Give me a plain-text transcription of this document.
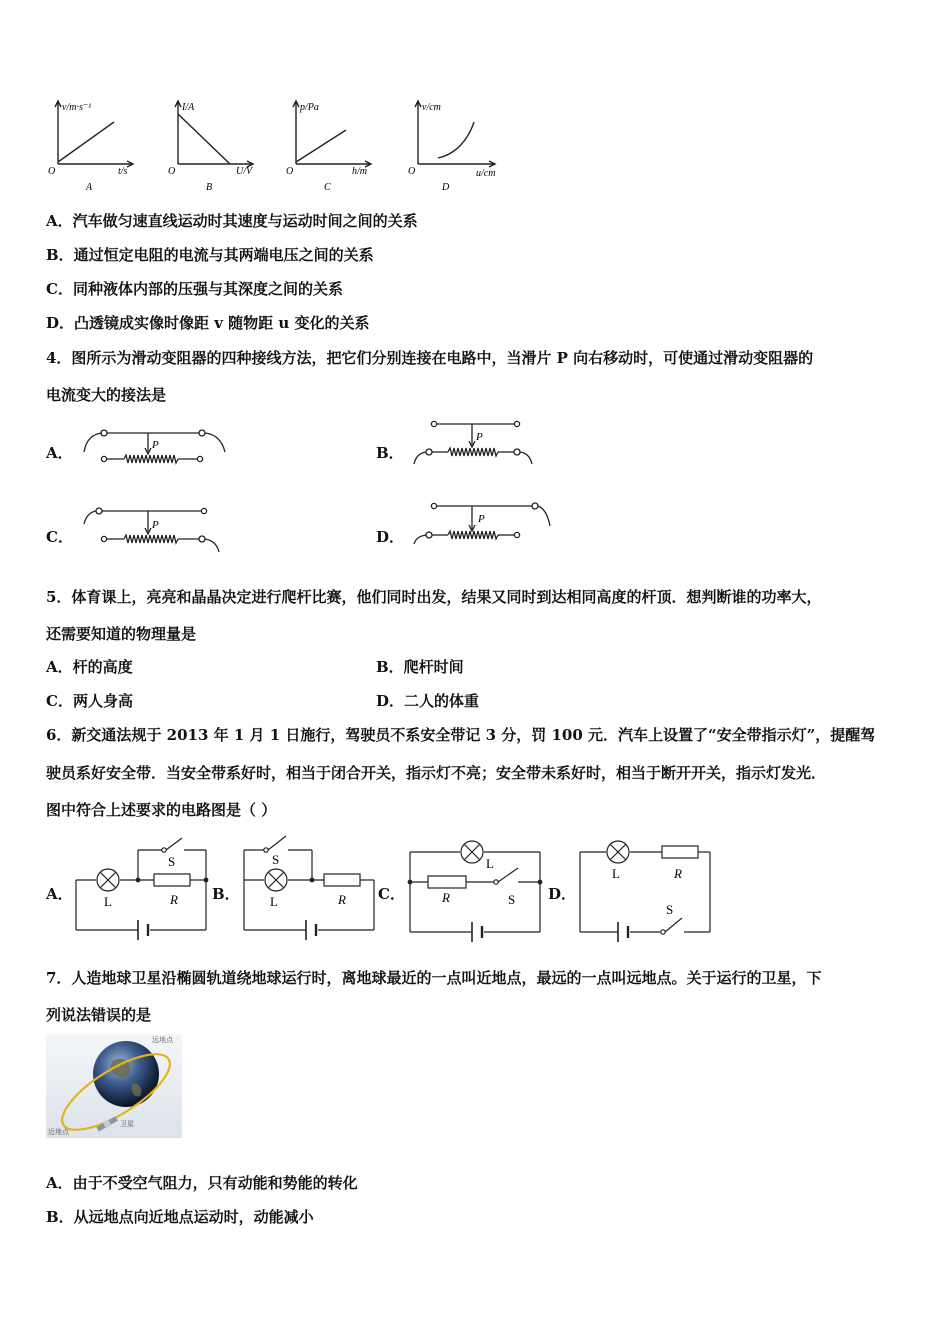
v/m·s⁻¹
t/s
O
A
I/A
U/V
O
B
p/Pa
h/m
O
C
v/cm
u/cm
O
D
A．汽车做匀速直线运动时其速度与运动时间之间的关系
B．通过恒定电阻的电流与其两端电压之间的关系
C．同种液体内部的压强与其深度之间的关系
D．凸透镜成实像时像距 v 随物距 u 变化的关系
4．图所示为滑动变阻器的四种接线方法，把它们分别连接在电路中，当滑片 P 向右移动时，可使通过滑动变阻器的
电流变大的接法是
A．	P	B．
P
C．
P
D．
P
5．体育课上，亮亮和晶晶决定进行爬杆比赛，他们同时出发，结果又同时到达相同高度的杆顶．想判断谁的功率大，
还需要知道的物理量是
A．杆的高度	B．爬杆时间
C．两人身高	D．二人的体重
6．新交通法规于 2013 年 1 月 1 日施行，驾驶员不系安全带记 3 分，罚 100 元．汽车上设置了“安全带指示灯”，提醒驾
驶员系好安全带．当安全带系好时，相当于闭合开关，指示灯不亮；安全带未系好时，相当于断开开关，指示灯发光．
图中符合上述要求的电路图是（ ）
A．
S
L	R B．
S
L	R C．
L
R	S D．
L	R
S
7．人造地球卫星沿椭圆轨道绕地球运行时，离地球最近的一点叫近地点，最远的一点叫远地点。关于运行的卫星，下
列说法错误的是
远地点
近地点
卫星
A．由于不受空气阻力，只有动能和势能的转化
B．从远地点向近地点运动时，动能减小
